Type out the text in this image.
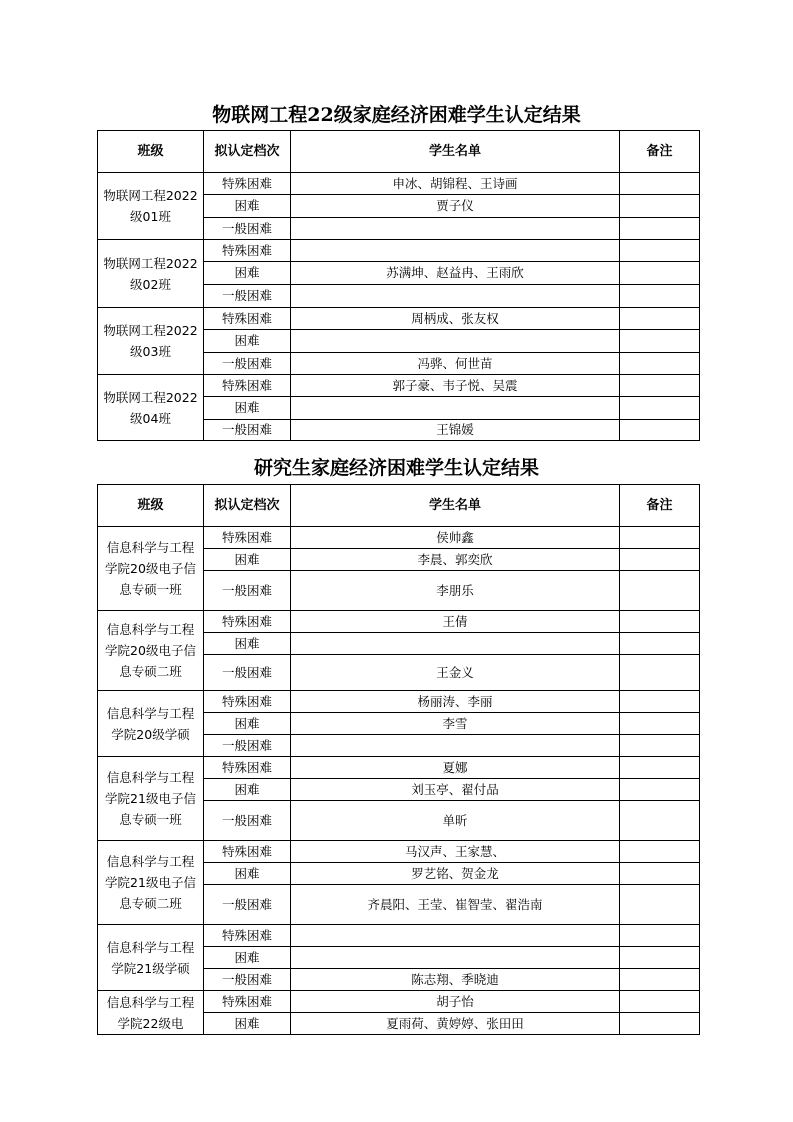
物联网工程22级家庭经济困难学生认定结果
班级	拟认定档次	学生名单	备注
物联网工程2022级01班	特殊困难	申冰、胡锦程、王诗画	
	困难	贾子仪	
	一般困难		
物联网工程2022级02班	特殊困难		
	困难	苏满坤、赵益冉、王雨欣	
	一般困难		
物联网工程2022级03班	特殊困难	周柄成、张友权	
	困难		
	一般困难	冯骅、何世苗	
物联网工程2022级04班	特殊困难	郭子豪、韦子悦、吴震	
	困难		
	一般困难	王锦媛	
研究生家庭经济困难学生认定结果
班级	拟认定档次	学生名单	备注
信息科学与工程学院20级电子信息专硕一班	特殊困难	侯帅鑫	
	困难	李晨、郭奕欣	
	一般困难	李朋乐	
信息科学与工程学院20级电子信息专硕二班	特殊困难	王倩	
	困难		
	一般困难	王金义	
信息科学与工程学院20级学硕	特殊困难	杨丽涛、李丽	
	困难	李雪	
	一般困难		
信息科学与工程学院21级电子信息专硕一班	特殊困难	夏娜	
	困难	刘玉亭、翟付品	
	一般困难	单昕	
信息科学与工程学院21级电子信息专硕二班	特殊困难	马汉声、王家慧、	
	困难	罗艺铭、贺金龙	
	一般困难	齐晨阳、王莹、崔智莹、翟浩南	
信息科学与工程学院21级学硕	特殊困难		
	困难		
	一般困难	陈志翔、季晓迪	
信息科学与工程学院22级电	特殊困难	胡子怡	
	困难	夏雨荷、黄婷婷、张田田	
